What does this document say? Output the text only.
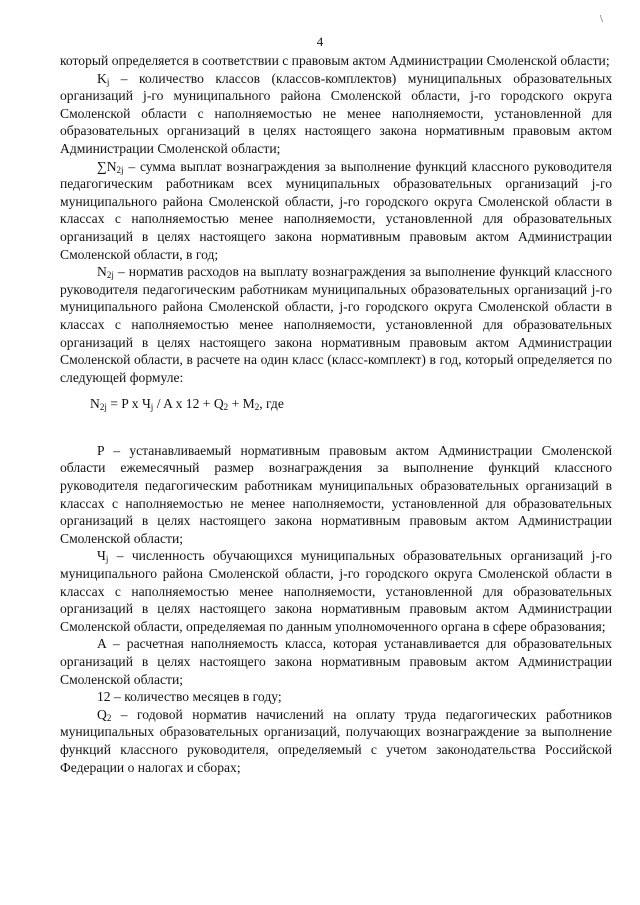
\
4

который определяется в соответствии с правовым актом Администрации Смоленской области;

$K_j$ – количество классов (классов-комплектов) муниципальных образовательных организаций j-го муниципального района Смоленской области, j-го городского округа Смоленской области с наполняемостью не менее наполняемости, установленной для образовательных организаций в целях настоящего закона нормативным правовым актом Администрации Смоленской области;

$\sum N_{2j}$ – сумма выплат вознаграждения за выполнение функций классного руководителя педагогическим работникам всех муниципальных образовательных организаций j-го муниципального района Смоленской области, j-го городского округа Смоленской области в классах с наполняемостью менее наполняемости, установленной для образовательных организаций в целях настоящего закона нормативным правовым актом Администрации Смоленской области, в год;

$N_{2j}$ – норматив расходов на выплату вознаграждения за выполнение функций классного руководителя педагогическим работникам муниципальных образовательных организаций j-го муниципального района Смоленской области, j-го городского округа Смоленской области в классах с наполняемостью менее наполняемости, установленной для образовательных организаций в целях настоящего закона нормативным правовым актом Администрации Смоленской области, в расчете на один класс (класс-комплект) в год, который определяется по следующей формуле:

$N_{2j} = P$ x $Ч_j$ / A x $12 + Q_2 + M_2$, где

P – устанавливаемый нормативным правовым актом Администрации Смоленской области ежемесячный размер вознаграждения за выполнение функций классного руководителя педагогическим работникам муниципальных образовательных организаций в классах с наполняемостью не менее наполняемости, установленной для образовательных организаций в целях настоящего закона нормативным правовым актом Администрации Смоленской области;

$Ч_j$ – численность обучающихся муниципальных образовательных организаций j-го муниципального района Смоленской области, j-го городского округа Смоленской области в классах с наполняемостью менее наполняемости, установленной для образовательных организаций в целях настоящего закона нормативным правовым актом Администрации Смоленской области, определяемая по данным уполномоченного органа в сфере образования;

A – расчетная наполняемость класса, которая устанавливается для образовательных организаций в целях настоящего закона нормативным правовым актом Администрации Смоленской области;

12 – количество месяцев в году;

$Q_2$ – годовой норматив начислений на оплату труда педагогических работников муниципальных образовательных организаций, получающих вознаграждение за выполнение функций классного руководителя, определяемый с учетом законодательства Российской Федерации о налогах и сборах;
